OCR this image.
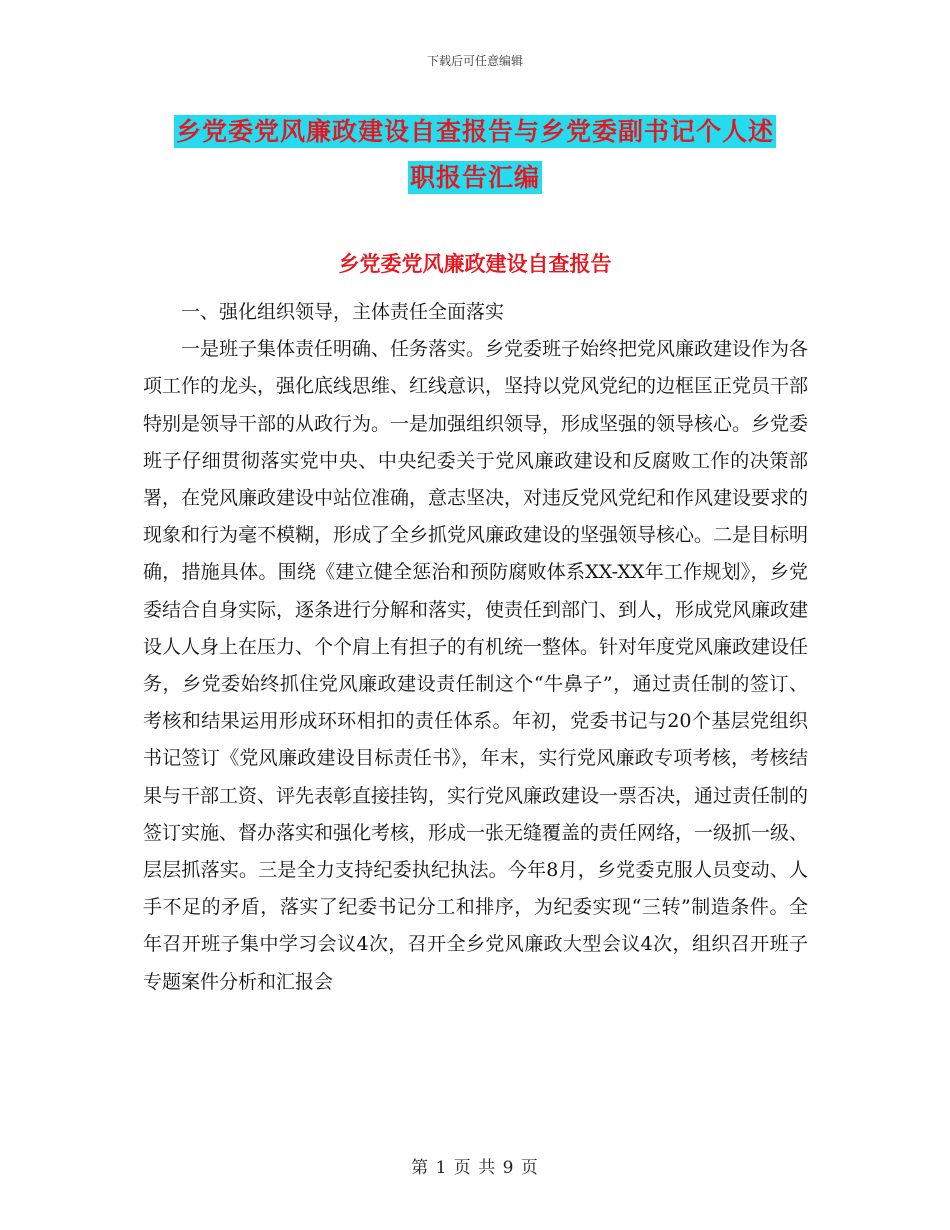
下载后可任意编辑
乡党委党风廉政建设自查报告与乡党委副书记个人述
职报告汇编
乡党委党风廉政建设自查报告

一、强化组织领导，主体责任全面落实

一是班子集体责任明确、任务落实。乡党委班子始终把党风廉政建设作为各项工作的龙头，强化底线思维、红线意识，坚持以党风党纪的边框匡正党员干部特别是领导干部的从政行为。一是加强组织领导，形成坚强的领导核心。乡党委班子仔细贯彻落实党中央、中央纪委关于党风廉政建设和反腐败工作的决策部署，在党风廉政建设中站位准确，意志坚决，对违反党风党纪和作风建设要求的现象和行为毫不模糊，形成了全乡抓党风廉政建设的坚强领导核心。二是目标明确，措施具体。围绕《建立健全惩治和预防腐败体系XX-XX年工作规划》，乡党委结合自身实际，逐条进行分解和落实，使责任到部门、到人，形成党风廉政建设人人身上在压力、个个肩上有担子的有机统一整体。针对年度党风廉政建设任务，乡党委始终抓住党风廉政建设责任制这个“牛鼻子”，通过责任制的签订、考核和结果运用形成环环相扣的责任体系。年初，党委书记与20个基层党组织书记签订《党风廉政建设目标责任书》，年末，实行党风廉政专项考核，考核结果与干部工资、评先表彰直接挂钩，实行党风廉政建设一票否决，通过责任制的签订实施、督办落实和强化考核，形成一张无缝覆盖的责任网络，一级抓一级、层层抓落实。三是全力支持纪委执纪执法。今年8月，乡党委克服人员变动、人手不足的矛盾，落实了纪委书记分工和排序，为纪委实现“三转”制造条件。全年召开班子集中学习会议4次，召开全乡党风廉政大型会议4次，组织召开班子专题案件分析和汇报会

第 1 页 共 9 页
